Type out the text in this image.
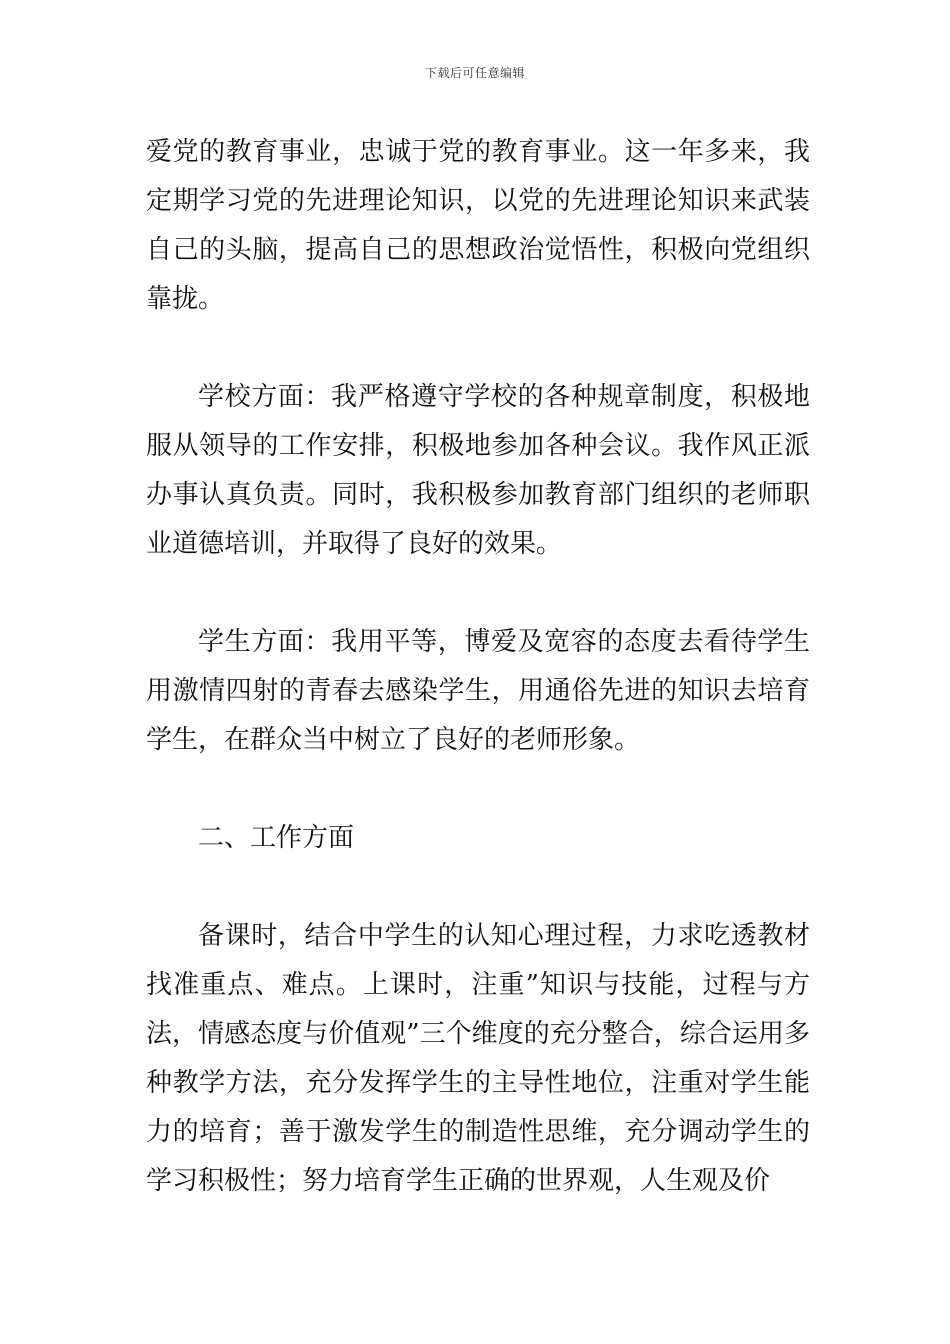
下载后可任意编辑

爱党的教育事业，忠诚于党的教育事业。这一年多来，我定期学习党的先进理论知识，以党的先进理论知识来武装自己的头脑，提高自己的思想政治觉悟性，积极向党组织靠拢。

学校方面：我严格遵守学校的各种规章制度，积极地服从领导的工作安排，积极地参加各种会议。我作风正派办事认真负责。同时，我积极参加教育部门组织的老师职业道德培训，并取得了良好的效果。

学生方面：我用平等，博爱及宽容的态度去看待学生用激情四射的青春去感染学生，用通俗先进的知识去培育学生，在群众当中树立了良好的老师形象。

二、工作方面

备课时，结合中学生的认知心理过程，力求吃透教材找准重点、难点。上课时，注重”知识与技能，过程与方法，情感态度与价值观”三个维度的充分整合，综合运用多种教学方法，充分发挥学生的主导性地位，注重对学生能力的培育；善于激发学生的制造性思维，充分调动学生的学习积极性；努力培育学生正确的世界观，人生观及价
